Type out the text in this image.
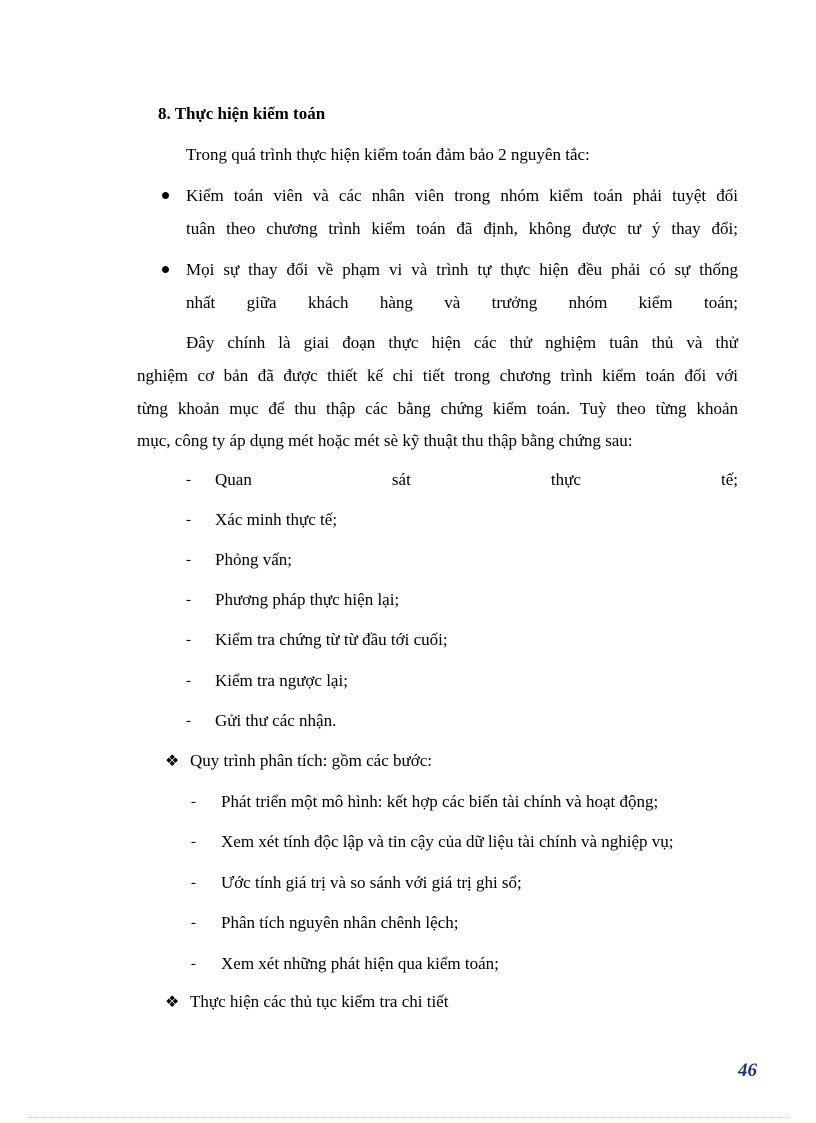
8. Thực hiện kiểm toán
Trong quá trình thực hiện kiểm toán đảm bảo 2 nguyên tắc:
Kiểm toán viên và các nhân viên trong nhóm kiểm toán phải tuyệt đối
tuân theo chương trình kiểm toán đã định, không được tư ý thay đổi;
Mọi sự thay đổi về phạm vi và trình tự thực hiện đều phải có sự thống
nhất giữa khách hàng và trưởng nhóm kiểm toán;
Đây chính là giai đoạn thực hiện các thử nghiệm tuân thủ và thử
nghiệm cơ bản đã được thiết kế chi tiết trong chương trình kiểm toán đối với
từng khoản mục để thu thập các bằng chứng kiểm toán. Tuỳ theo từng khoản
mục, công ty áp dụng mét hoặc mét sè kỹ thuật thu thập bằng chứng sau:
- Quan sát thực tế;
- Xác minh thực tế;
- Phỏng vấn;
- Phương pháp thực hiện lại;
- Kiểm tra chứng từ từ đầu tới cuối;
- Kiểm tra ngược lại;
- Gửi thư các nhận.
❖ Quy trình phân tích: gồm các bước:
- Phát triển một mô hình: kết hợp các biến tài chính và hoạt động;
- Xem xét tính độc lập và tin cậy của dữ liệu tài chính và nghiệp vụ;
- Ước tính giá trị và so sánh với giá trị ghi sổ;
- Phân tích nguyên nhân chênh lệch;
- Xem xét những phát hiện qua kiểm toán;
❖ Thực hiện các thủ tục kiểm tra chi tiết
46
